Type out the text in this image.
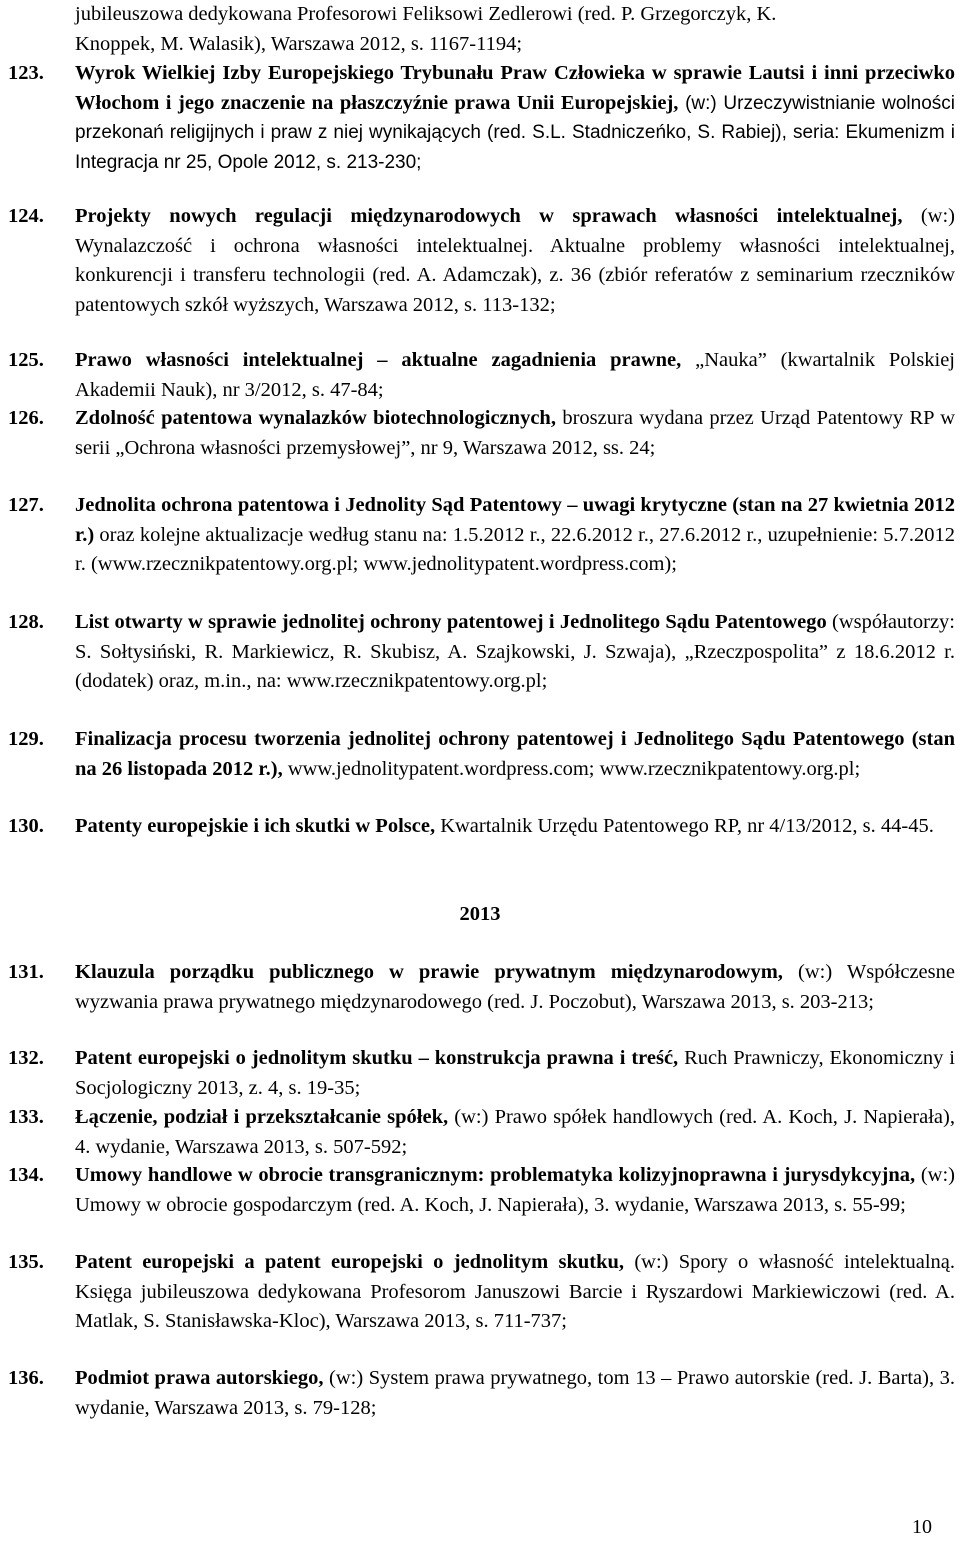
jubileuszowa dedykowana Profesorowi Feliksowi Zedlerowi (red. P. Grzegorczyk, K.
Knoppek, M. Walasik), Warszawa 2012, s. 1167-1194;
123. Wyrok Wielkiej Izby Europejskiego Trybunału Praw Człowieka w sprawie Lautsi i inni przeciwko Włochom i jego znaczenie na płaszczyźnie prawa Unii Europejskiej, (w:) Urzeczywistnianie wolności przekonań religijnych i praw z niej wynikających (red. S.L. Stadniczeńko, S. Rabiej), seria: Ekumenizm i Integracja nr 25, Opole 2012, s. 213-230;
124. Projekty nowych regulacji międzynarodowych w sprawach własności intelektualnej, (w:) Wynalazczość i ochrona własności intelektualnej. Aktualne problemy własności intelektualnej, konkurencji i transferu technologii (red. A. Adamczak), z. 36 (zbiór referatów z seminarium rzeczników patentowych szkół wyższych, Warszawa 2012, s. 113-132;
125. Prawo własności intelektualnej – aktualne zagadnienia prawne, „Nauka” (kwartalnik Polskiej Akademii Nauk), nr 3/2012, s. 47-84;
126. Zdolność patentowa wynalazków biotechnologicznych, broszura wydana przez Urząd Patentowy RP w serii „Ochrona własności przemysłowej”, nr 9, Warszawa 2012, ss. 24;
127. Jednolita ochrona patentowa i Jednolity Sąd Patentowy – uwagi krytyczne (stan na 27 kwietnia 2012 r.) oraz kolejne aktualizacje według stanu na: 1.5.2012 r., 22.6.2012 r., 27.6.2012 r., uzupełnienie: 5.7.2012 r. (www.rzecznikpatentowy.org.pl; www.jednolitypatent.wordpress.com);
128. List otwarty w sprawie jednolitej ochrony patentowej i Jednolitego Sądu Patentowego (współautorzy: S. Sołtysiński, R. Markiewicz, R. Skubisz, A. Szajkowski, J. Szwaja), „Rzeczpospolita” z 18.6.2012 r. (dodatek) oraz, m.in., na: www.rzecznikpatentowy.org.pl;
129. Finalizacja procesu tworzenia jednolitej ochrony patentowej i Jednolitego Sądu Patentowego (stan na 26 listopada 2012 r.), www.jednolitypatent.wordpress.com; www.rzecznikpatentowy.org.pl;
130. Patenty europejskie i ich skutki w Polsce, Kwartalnik Urzędu Patentowego RP, nr 4/13/2012, s. 44-45.
2013
131. Klauzula porządku publicznego w prawie prywatnym międzynarodowym, (w:) Współczesne wyzwania prawa prywatnego międzynarodowego (red. J. Poczobut), Warszawa 2013, s. 203-213;
132. Patent europejski o jednolitym skutku – konstrukcja prawna i treść, Ruch Prawniczy, Ekonomiczny i Socjologiczny 2013, z. 4, s. 19-35;
133. Łączenie, podział i przekształcanie spółek, (w:) Prawo spółek handlowych (red. A. Koch, J. Napierała), 4. wydanie, Warszawa 2013, s. 507-592;
134. Umowy handlowe w obrocie transgranicznym: problematyka kolizyjnoprawna i jurysdykcyjna, (w:) Umowy w obrocie gospodarczym (red. A. Koch, J. Napierała), 3. wydanie, Warszawa 2013, s. 55-99;
135. Patent europejski a patent europejski o jednolitym skutku, (w:) Spory o własność intelektualną. Księga jubileuszowa dedykowana Profesorom Januszowi Barcie i Ryszardowi Markiewiczowi (red. A. Matlak, S. Stanisławska-Kloc), Warszawa 2013, s. 711-737;
136. Podmiot prawa autorskiego, (w:) System prawa prywatnego, tom 13 – Prawo autorskie (red. J. Barta), 3. wydanie, Warszawa 2013, s. 79-128;
10
